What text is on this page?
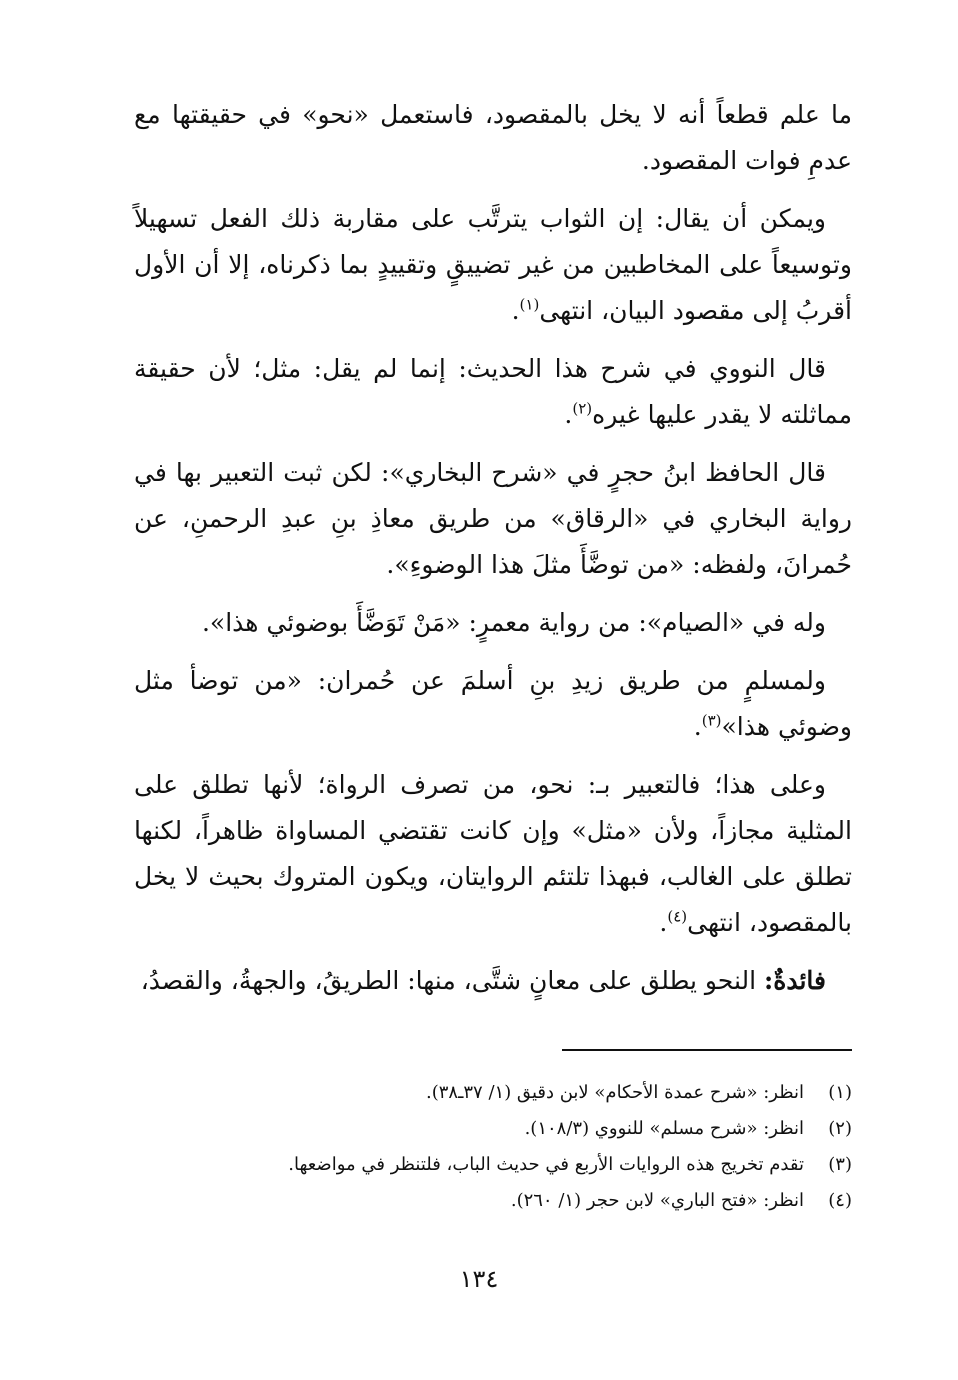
ما علم قطعاً أنه لا يخل بالمقصود، فاستعمل «نحو» في حقيقتها مع عدمِ فوات المقصود.

ويمكن أن يقال: إن الثواب يترتَّب على مقاربة ذلك الفعل تسهيلاً وتوسيعاً على المخاطبين من غير تضييقٍ وتقييدٍ بما ذكرناه، إلا أن الأول أقربُ إلى مقصود البيان، انتهى$^{(١)}$.

قال النووي في شرح هذا الحديث: إنما لم يقل: مثل؛ لأن حقيقة مماثلته لا يقدر عليها غيره$^{(٢)}$.

قال الحافظ ابنُ حجرٍ في «شرح البخاري»: لكن ثبت التعبير بها في رواية البخاري في «الرقاق» من طريق معاذِ بنِ عبدِ الرحمنِ، عن حُمرانَ، ولفظه: «من توضَّأَ مثلَ هذا الوضوءِ».

وله في «الصيام»: من رواية معمرٍ: «مَنْ تَوَضَّأَ بوضوئي هذا».

ولمسلمٍ من طريق زيدِ بنِ أسلمَ عن حُمران: «من توضأ مثل وضوئي هذا»$^{(٣)}$.

وعلى هذا؛ فالتعبير بـ: نحو، من تصرف الرواة؛ لأنها تطلق على المثلية مجازاً، ولأن «مثل» وإن كانت تقتضي المساواة ظاهراً، لكنها تطلق على الغالب، فبهذا تلتئم الروايتان، ويكون المتروك بحيث لا يخل بالمقصود، انتهى$^{(٤)}$.

فائدةٌ: النحو يطلق على معانٍ شتَّى، منها: الطريقُ، والجهةُ، والقصدُ،

(١)
انظر: «شرح عمدة الأحكام» لابن دقيق (١/ ٣٧ـ٣٨).
(٢)
انظر: «شرح مسلم» للنووي (١٠٨/٣).
(٣)
تقدم تخريج هذه الروايات الأربع في حديث الباب، فلتنظر في مواضعها.
(٤)
انظر: «فتح الباري» لابن حجر (١/ ٢٦٠).
١٣٤
